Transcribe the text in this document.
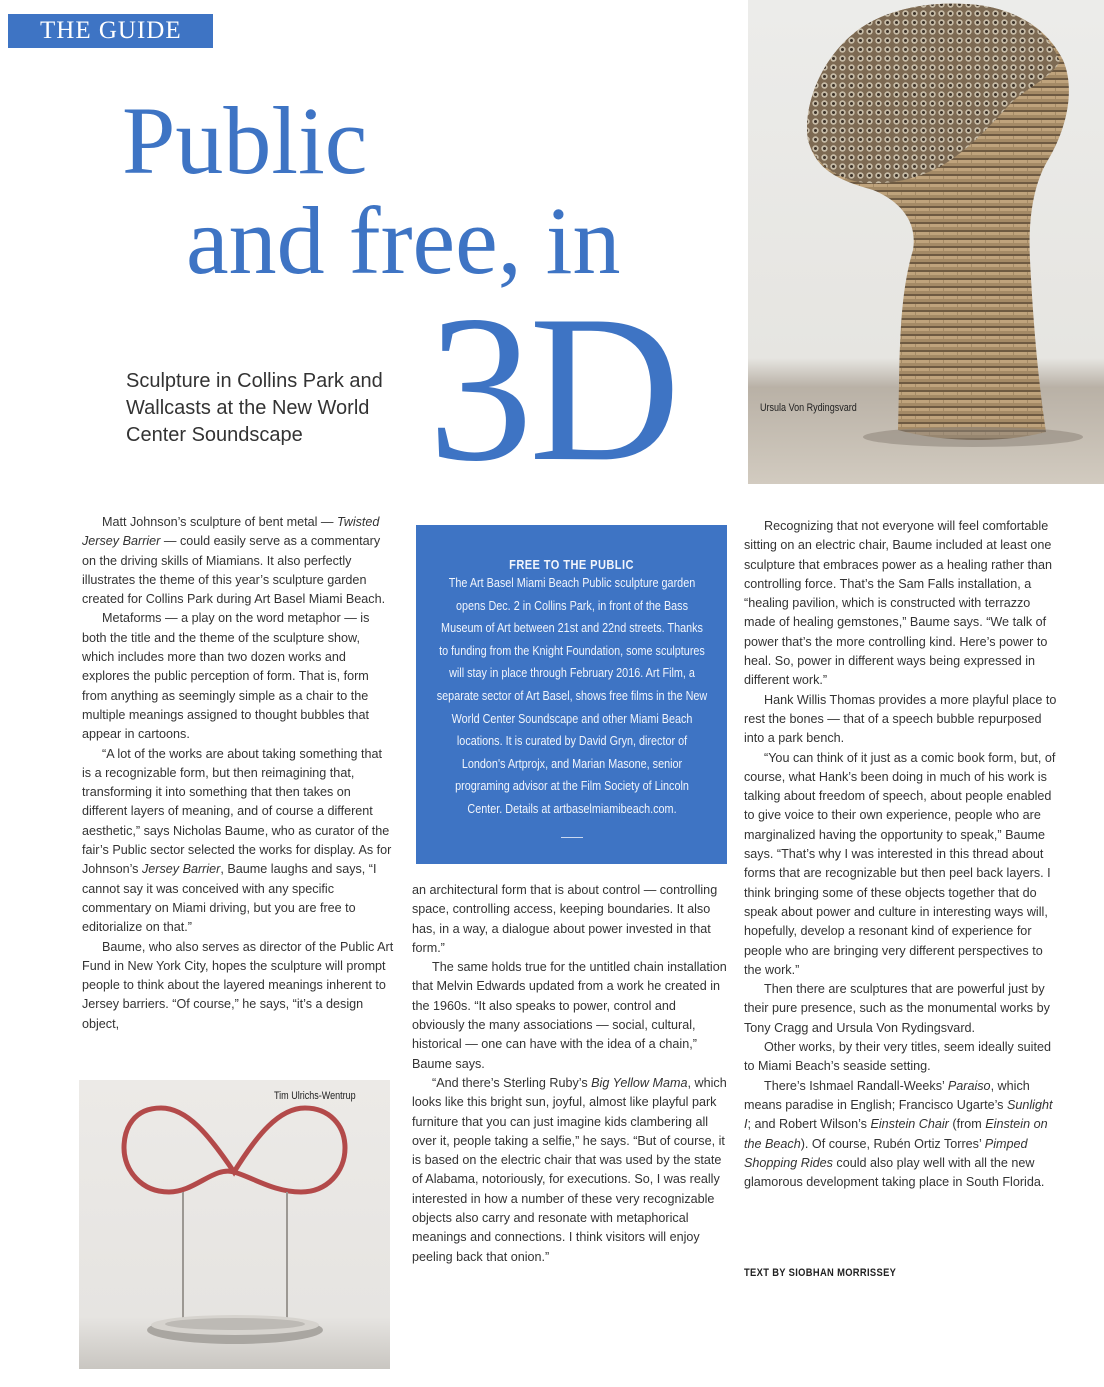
THE GUIDE
Public
and free, in
3D
Sculpture in Collins Park and Wallcasts at the New World Center Soundscape
Ursula Von Rydingsvard

Matt Johnson’s sculpture of bent metal — Twisted Jersey Barrier — could easily serve as a commentary on the driving skills of Miamians. It also perfectly illustrates the theme of this year’s sculpture garden created for Collins Park during Art Basel Miami Beach.

Metaforms — a play on the word metaphor — is both the title and the theme of the sculpture show, which includes more than two dozen works and explores the public perception of form. That is, form from anything as seemingly simple as a chair to the multiple meanings assigned to thought bubbles that appear in cartoons.

“A lot of the works are about taking something that is a recognizable form, but then reimagining that, transforming it into something that then takes on different layers of meaning, and of course a different aesthetic,” says Nicholas Baume, who as curator of the fair’s Public sector selected the works for display. As for Johnson’s Jersey Barrier, Baume laughs and says, “I cannot say it was conceived with any specific commentary on Miami driving, but you are free to editorialize on that.”

Baume, who also serves as director of the Public Art Fund in New York City, hopes the sculpture will prompt people to think about the layered meanings inherent to Jersey barriers. “Of course,” he says, “it’s a design object,

Tim Ulrichs-Wentrup
FREE TO THE PUBLIC
The Art Basel Miami Beach Public sculpture garden opens Dec. 2 in Collins Park, in front of the Bass Museum of Art between 21st and 22nd streets. Thanks to funding from the Knight Foundation, some sculptures will stay in place through February 2016. Art Film, a separate sector of Art Basel, shows free films in the New World Center Soundscape and other Miami Beach locations. It is curated by David Gryn, director of London's Artprojx, and Marian Masone, senior programing advisor at the Film Society of Lincoln Center. Details at artbaselmiamibeach.com.

an architectural form that is about control — controlling space, controlling access, keeping boundaries. It also has, in a way, a dialogue about power invested in that form.”

The same holds true for the untitled chain installation that Melvin Edwards updated from a work he created in the 1960s. “It also speaks to power, control and obviously the many associations — social, cultural, historical — one can have with the idea of a chain,” Baume says.

“And there’s Sterling Ruby’s Big Yellow Mama, which looks like this bright sun, joyful, almost like playful park furniture that you can just imagine kids clambering all over it, people taking a selfie,” he says. “But of course, it is based on the electric chair that was used by the state of Alabama, notoriously, for executions. So, I was really interested in how a number of these very recognizable objects also carry and resonate with metaphorical meanings and connections. I think visitors will enjoy peeling back that onion.”

Recognizing that not everyone will feel comfortable sitting on an electric chair, Baume included at least one sculpture that embraces power as a healing rather than controlling force. That’s the Sam Falls installation, a “healing pavilion, which is constructed with terrazzo made of healing gemstones,” Baume says. “We talk of power that’s the more controlling kind. Here’s power to heal. So, power in different ways being expressed in different work.”

Hank Willis Thomas provides a more playful place to rest the bones — that of a speech bubble repurposed into a park bench.

“You can think of it just as a comic book form, but, of course, what Hank’s been doing in much of his work is talking about freedom of speech, about people enabled to give voice to their own experience, people who are marginalized having the opportunity to speak,” Baume says. “That’s why I was interested in this thread about forms that are recognizable but then peel back layers. I think bringing some of these objects together that do speak about power and culture in interesting ways will, hopefully, develop a resonant kind of experience for people who are bringing very different perspectives to the work.”

Then there are sculptures that are powerful just by their pure presence, such as the monumental works by Tony Cragg and Ursula Von Rydingsvard.

Other works, by their very titles, seem ideally suited to Miami Beach’s seaside setting.

There’s Ishmael Randall-Weeks’ Paraiso, which means paradise in English; Francisco Ugarte’s Sunlight I; and Robert Wilson’s Einstein Chair (from Einstein on the Beach). Of course, Rubén Ortiz Torres’ Pimped Shopping Rides could also play well with all the new glamorous development taking place in South Florida.

TEXT BY SIOBHAN MORRISSEY
